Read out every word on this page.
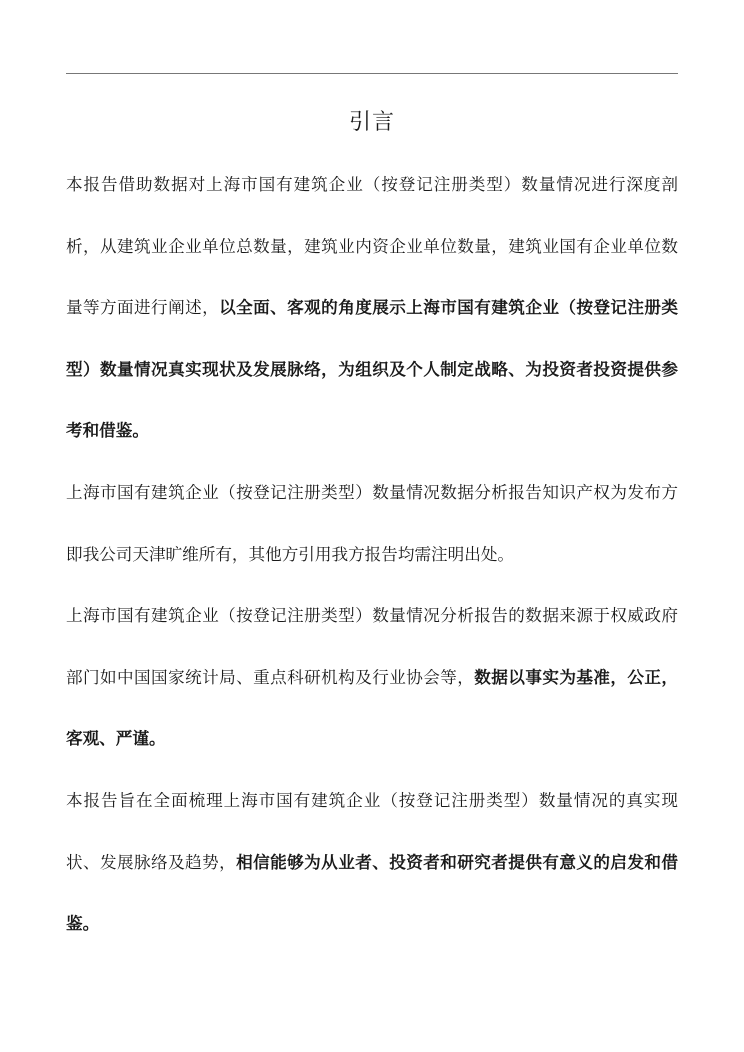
引言

本报告借助数据对上海市国有建筑企业（按登记注册类型）数量情况进行深度剖析，从建筑业企业单位总数量，建筑业内资企业单位数量，建筑业国有企业单位数量等方面进行阐述，以全面、客观的角度展示上海市国有建筑企业（按登记注册类型）数量情况真实现状及发展脉络，为组织及个人制定战略、为投资者投资提供参考和借鉴。

上海市国有建筑企业（按登记注册类型）数量情况数据分析报告知识产权为发布方即我公司天津旷维所有，其他方引用我方报告均需注明出处。

上海市国有建筑企业（按登记注册类型）数量情况分析报告的数据来源于权威政府部门如中国国家统计局、重点科研机构及行业协会等，数据以事实为基准，公正，客观、严谨。

本报告旨在全面梳理上海市国有建筑企业（按登记注册类型）数量情况的真实现状、发展脉络及趋势，相信能够为从业者、投资者和研究者提供有意义的启发和借鉴。
